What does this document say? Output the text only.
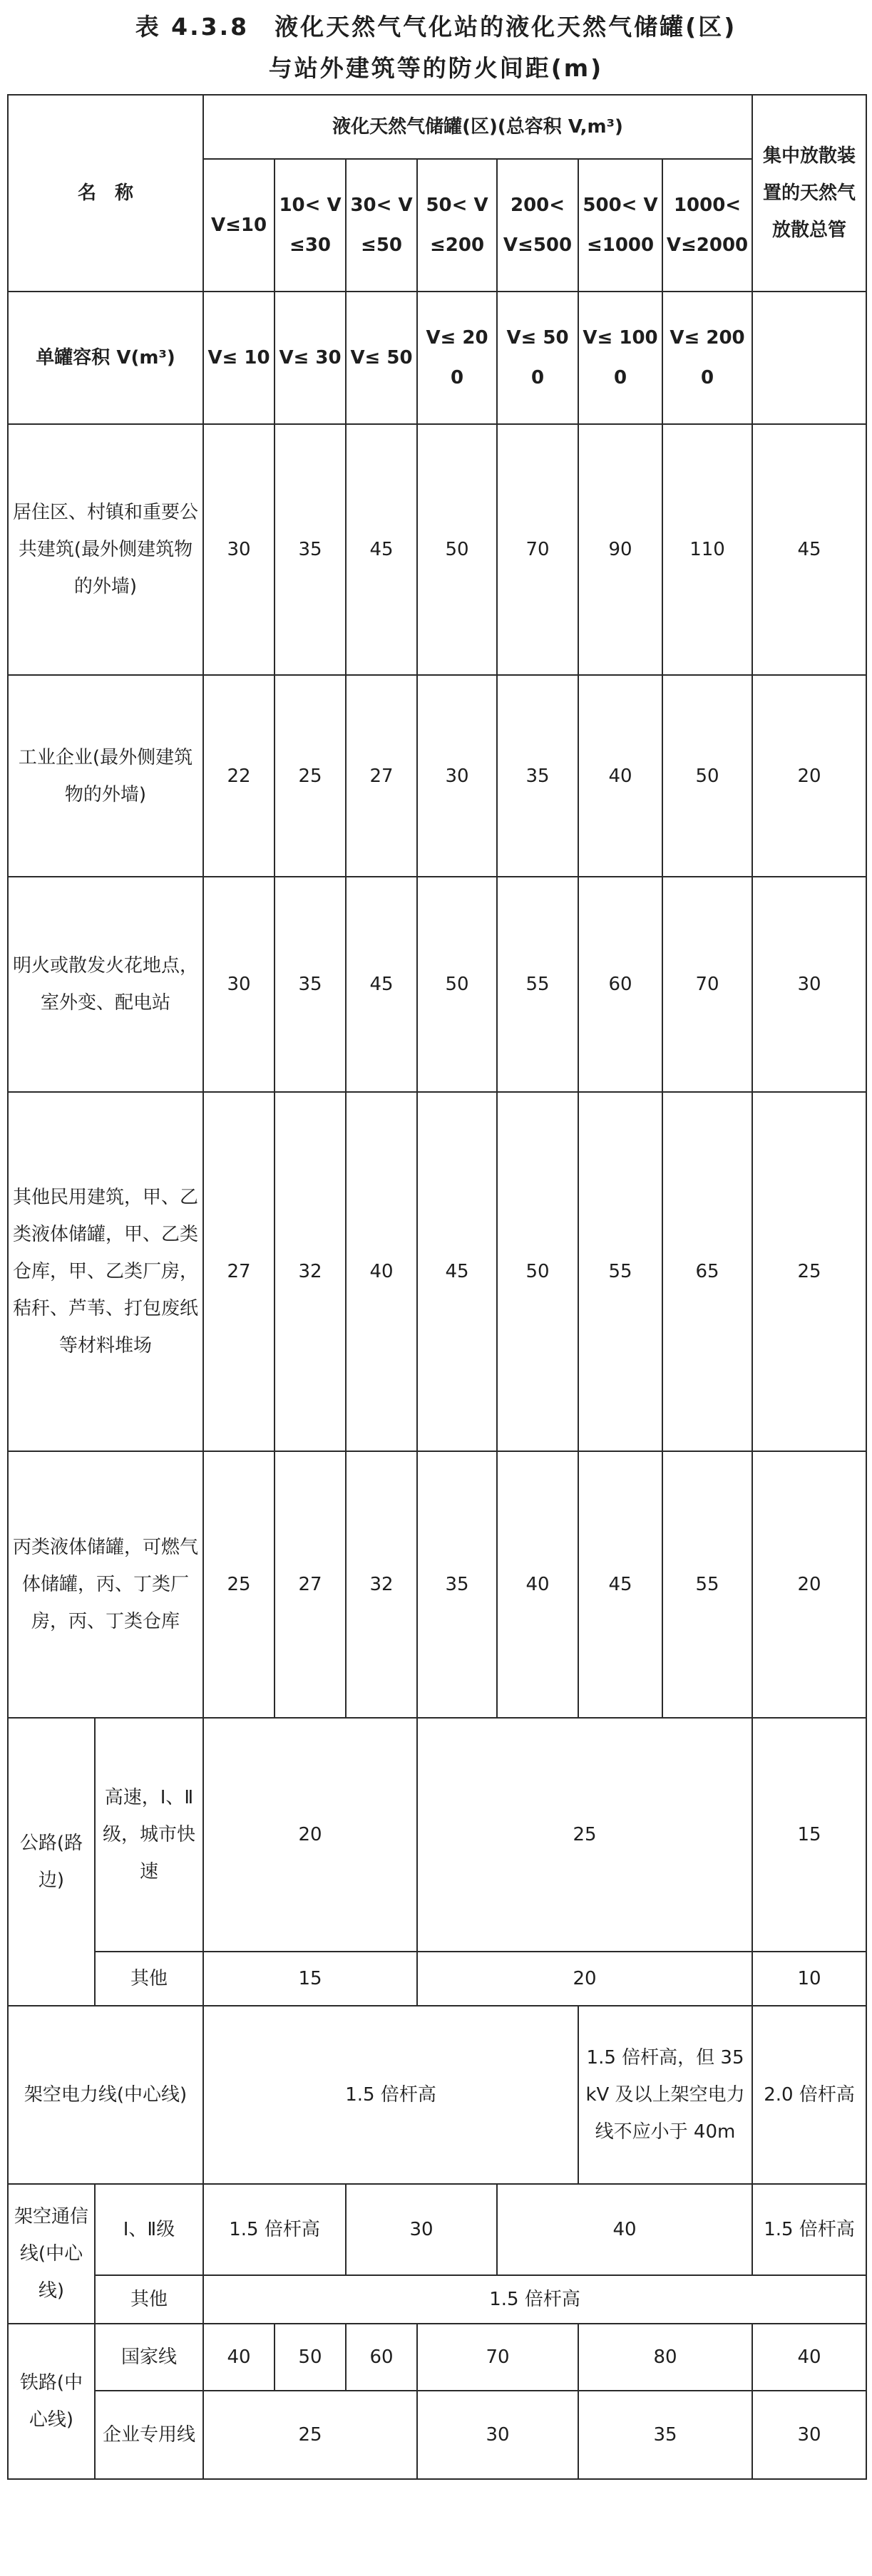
表 4.3.8　液化天然气气化站的液化天然气储罐(区)
与站外建筑等的防火间距(m)
名　称		液化天然气储罐(区)(总容积 V,m³)							集中放散装置的天然气放散总管
		V≤10	10< V≤30	30< V≤50	50< V≤200	200< V≤500	500< V≤1000	1000< V≤2000	
单罐容积 V(m³)		V≤ 10	V≤ 30	V≤ 50	V≤ 200	V≤ 500	V≤ 1000	V≤ 2000	
居住区、村镇和重要公共建筑(最外侧建筑物的外墙)		30	35	45	50	70	90	110	45
工业企业(最外侧建筑物的外墙)		22	25	27	30	35	40	50	20
明火或散发火花地点，室外变、配电站		30	35	45	50	55	60	70	30
其他民用建筑，甲、乙类液体储罐，甲、乙类仓库，甲、乙类厂房，秸秆、芦苇、打包废纸等材料堆场		27	32	40	45	50	55	65	25
丙类液体储罐，可燃气体储罐，丙、丁类厂房，丙、丁类仓库		25	27	32	35	40	45	55	20
公路(路边)	高速，Ⅰ、Ⅱ级，城市快速	20			25				15
	其他	15			20				10
架空电力线(中心线)		1.5 倍杆高					1.5 倍杆高，但 35kV 及以上架空电力线不应小于 40m		2.0 倍杆高
架空通信线(中心线)	Ⅰ、Ⅱ级	1.5 倍杆高		30		40			1.5 倍杆高
	其他	1.5 倍杆高							
铁路(中心线)	国家线	40	50	60	70		80		40
	企业专用线	25			30		35		30
